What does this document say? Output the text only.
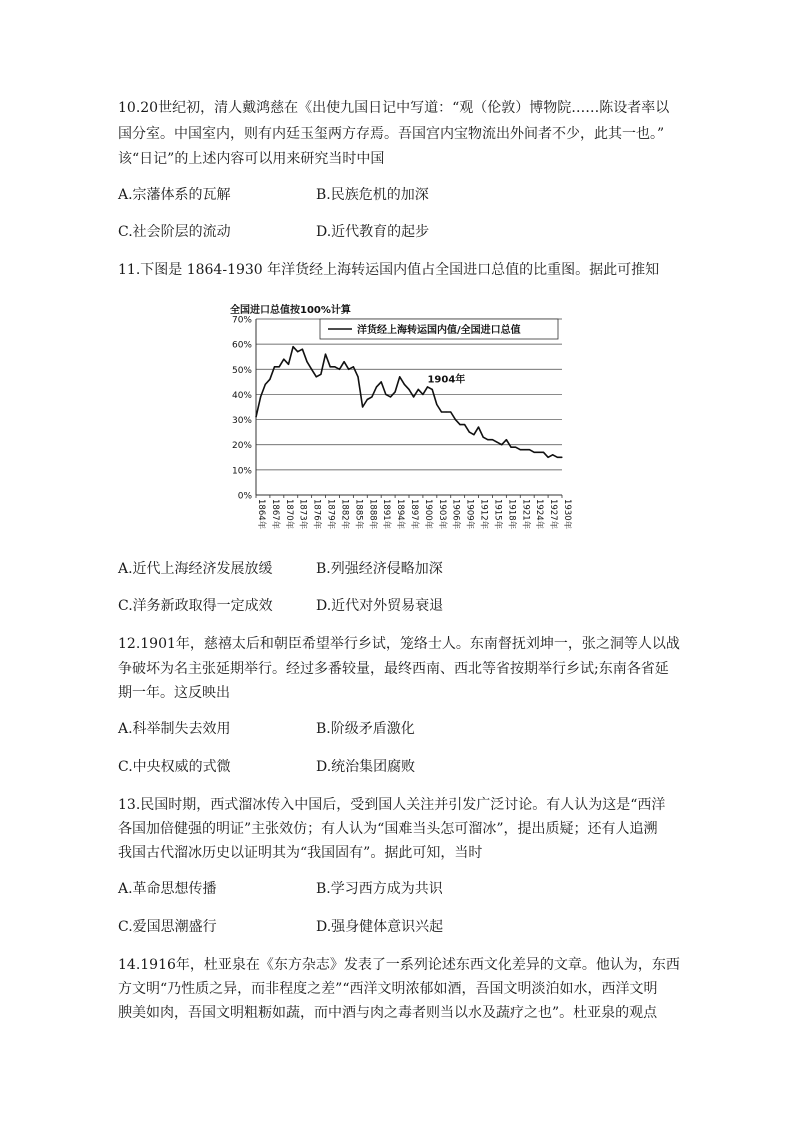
10.20世纪初，清人戴鸿慈在《出使九国日记中写道：“观（伦敦）博物院……陈设者率以
国分室。中国室内，则有内廷玉玺两方存焉。吾国宫内宝物流出外间者不少，此其一也。”
该“日记”的上述内容可以用来研究当时中国
A.宗藩体系的瓦解	B.民族危机的加深
C.社会阶层的流动	D.近代教育的起步
11.下图是 1864-1930 年洋货经上海转运国内值占全国进口总值的比重图。据此可推知
0%
10%
20%
30%
40%
50%
60%
70%
1864年 1867年 1870年 1873年 1876年 1879年 1882年 1885年 1888年 1891年 1894年 1897年 1900年 1903年 1906年 1909年 1912年 1915年 1918年 1921年 1924年 1927年 1930年
全国进口总值按100%计算
洋货经上海转运国内值/全国进口总值
1904年
A.近代上海经济发展放缓	B.列强经济侵略加深
C.洋务新政取得一定成效	D.近代对外贸易衰退
12.1901年，慈禧太后和朝臣希望举行乡试，笼络士人。东南督抚刘坤一，张之洞等人以战
争破坏为名主张延期举行。经过多番较量，最终西南、西北等省按期举行乡试;东南各省延
期一年。这反映出
A.科举制失去效用	B.阶级矛盾激化
C.中央权威的式微	D.统治集团腐败
13.民国时期，西式溜冰传入中国后，受到国人关注并引发广泛讨论。有人认为这是“西洋
各国加倍健强的明证”主张效仿；有人认为“国难当头怎可溜冰”，提出质疑；还有人追溯
我国古代溜冰历史以证明其为“我国固有”。据此可知，当时
A.革命思想传播	B.学习西方成为共识
C.爱国思潮盛行	D.强身健体意识兴起
14.1916年，杜亚泉在《东方杂志》发表了一系列论述东西文化差异的文章。他认为，东西
方文明“乃性质之异，而非程度之差”“西洋文明浓郁如酒，吾国文明淡泊如水，西洋文明
腴美如肉，吾国文明粗粝如蔬，而中酒与肉之毒者则当以水及蔬疗之也”。杜亚泉的观点
